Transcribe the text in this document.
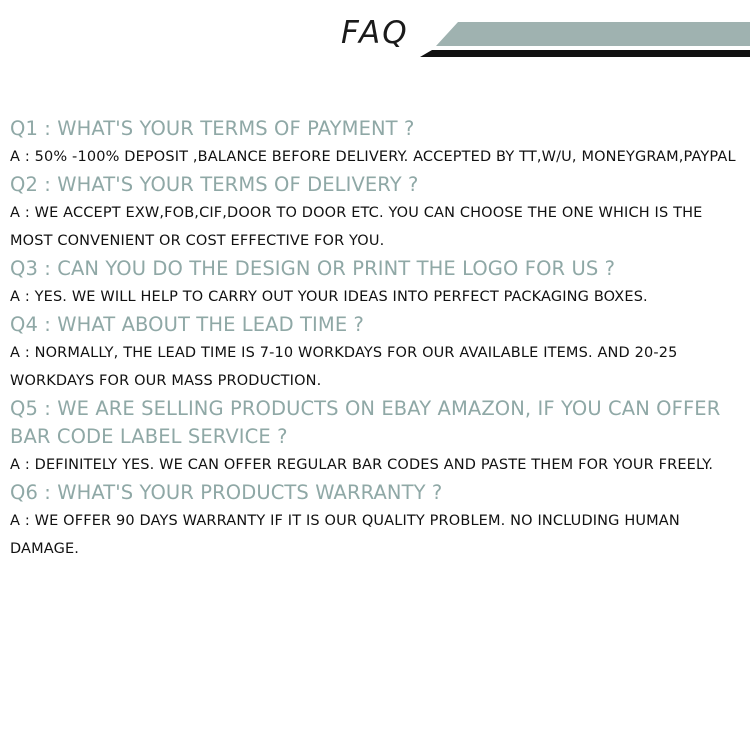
FAQ

Q1 : WHAT'S YOUR TERMS OF PAYMENT ?

A : 50% -100% DEPOSIT ,BALANCE BEFORE DELIVERY. ACCEPTED BY TT,W/U, MONEYGRAM,PAYPAL

Q2 : WHAT'S YOUR TERMS OF DELIVERY ?

A : WE ACCEPT EXW,FOB,CIF,DOOR TO DOOR ETC. YOU CAN CHOOSE THE ONE WHICH IS THE MOST CONVENIENT OR COST EFFECTIVE FOR YOU.

Q3 : CAN YOU DO THE DESIGN OR PRINT THE LOGO FOR US ?

A : YES. WE WILL HELP TO CARRY OUT YOUR IDEAS INTO PERFECT PACKAGING BOXES.

Q4 : WHAT ABOUT THE LEAD TIME ?

A : NORMALLY, THE LEAD TIME IS 7-10 WORKDAYS FOR OUR AVAILABLE ITEMS. AND 20-25 WORKDAYS FOR OUR MASS PRODUCTION.

Q5 : WE ARE SELLING PRODUCTS ON EBAY AMAZON, IF YOU CAN OFFER BAR CODE LABEL SERVICE ?

A : DEFINITELY YES. WE CAN OFFER REGULAR BAR CODES AND PASTE THEM FOR YOUR FREELY.

Q6 : WHAT'S YOUR PRODUCTS WARRANTY ?

A : WE OFFER 90 DAYS WARRANTY IF IT IS OUR QUALITY PROBLEM. NO INCLUDING HUMAN DAMAGE.
